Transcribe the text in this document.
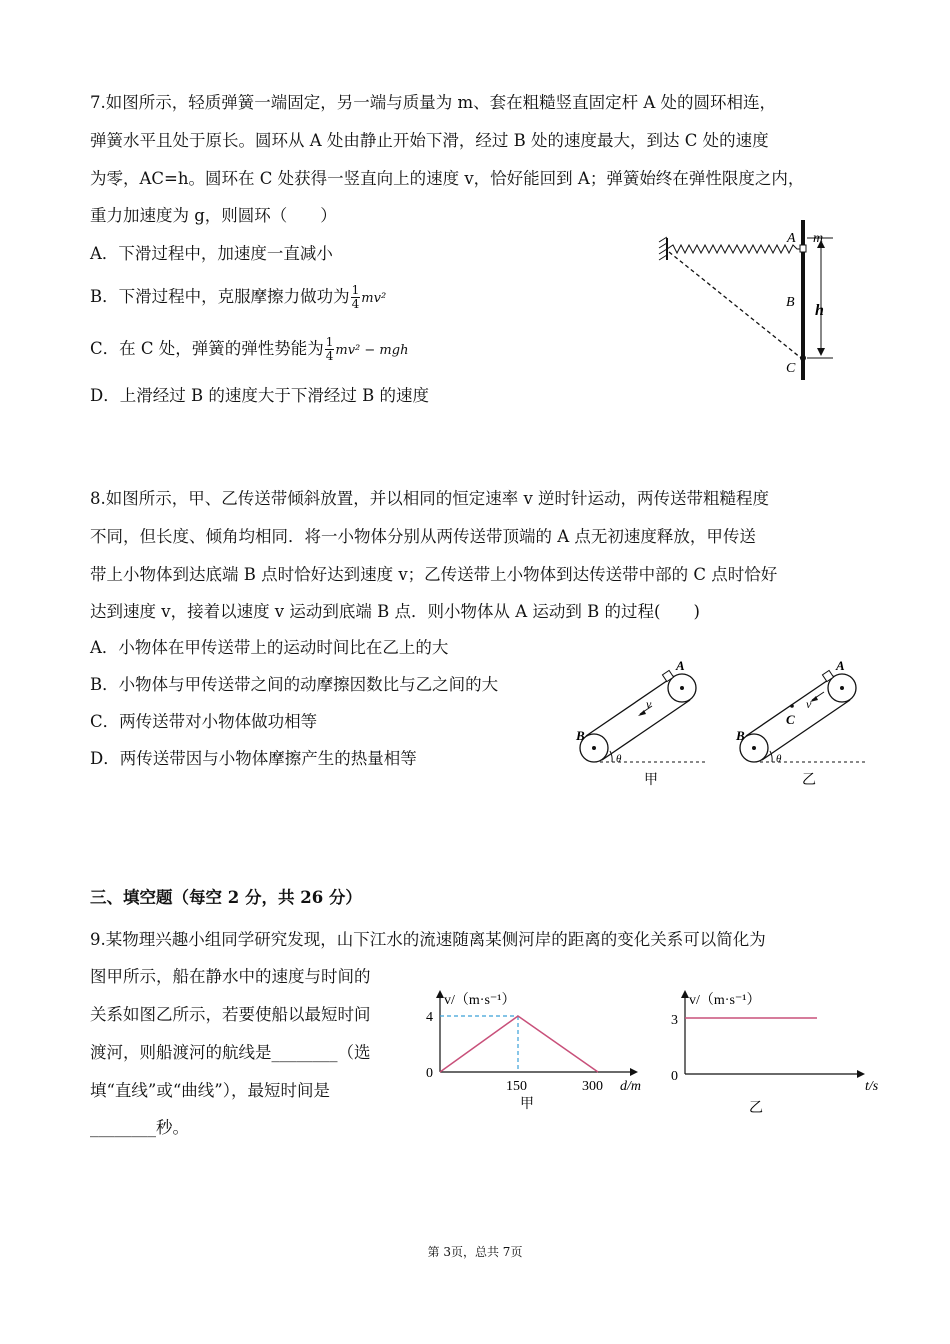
7.如图所示，轻质弹簧一端固定，另一端与质量为 m、套在粗糙竖直固定杆 A 处的圆环相连，
弹簧水平且处于原长。圆环从 A 处由静止开始下滑，经过 B 处的速度最大，到达 C 处的速度
为零，AC=h。圆环在 C 处获得一竖直向上的速度 v，恰好能回到 A；弹簧始终在弹性限度之内，
重力加速度为 g，则圆环（　　）
A．下滑过程中，加速度一直减小
B．下滑过程中，克服摩擦力做功为 $\frac{1}{4} mv^2$
C．在 C 处，弹簧的弹性势能为 $\frac{1}{4} mv^2$ − mgh
D．上滑经过 B 的速度大于下滑经过 B 的速度
A m
B h
C
8.如图所示，甲、乙传送带倾斜放置，并以相同的恒定速率 v 逆时针运动，两传送带粗糙程度
不同，但长度、倾角均相同．将一小物体分别从两传送带顶端的 A 点无初速度释放，甲传送
带上小物体到达底端 B 点时恰好达到速度 v；乙传送带上小物体到达传送带中部的 C 点时恰好
达到速度 v，接着以速度 v 运动到底端 B 点．则小物体从 A 运动到 B 的过程(　　)
A．小物体在甲传送带上的运动时间比在乙上的大
B．小物体与甲传送带之间的动摩擦因数比与乙之间的大
C．两传送带对小物体做功相等
D．两传送带因与小物体摩擦产生的热量相等
B
A
v
θ
甲
B
A
C
v
θ
乙
三、填空题（每空 2 分，共 26 分）
9.某物理兴趣小组同学研究发现，山下江水的流速随离某侧河岸的距离的变化关系可以简化为
图甲所示，船在静水中的速度与时间的
关系如图乙所示，若要使船以最短时间
渡河，则船渡河的航线是________（选
填“直线”或“曲线”），最短时间是
________秒。
v/（m·s⁻¹）
4
0
150	300 d/m
甲
v/（m·s⁻¹）
3
0
t/s
乙
第 3页，总共 7页
